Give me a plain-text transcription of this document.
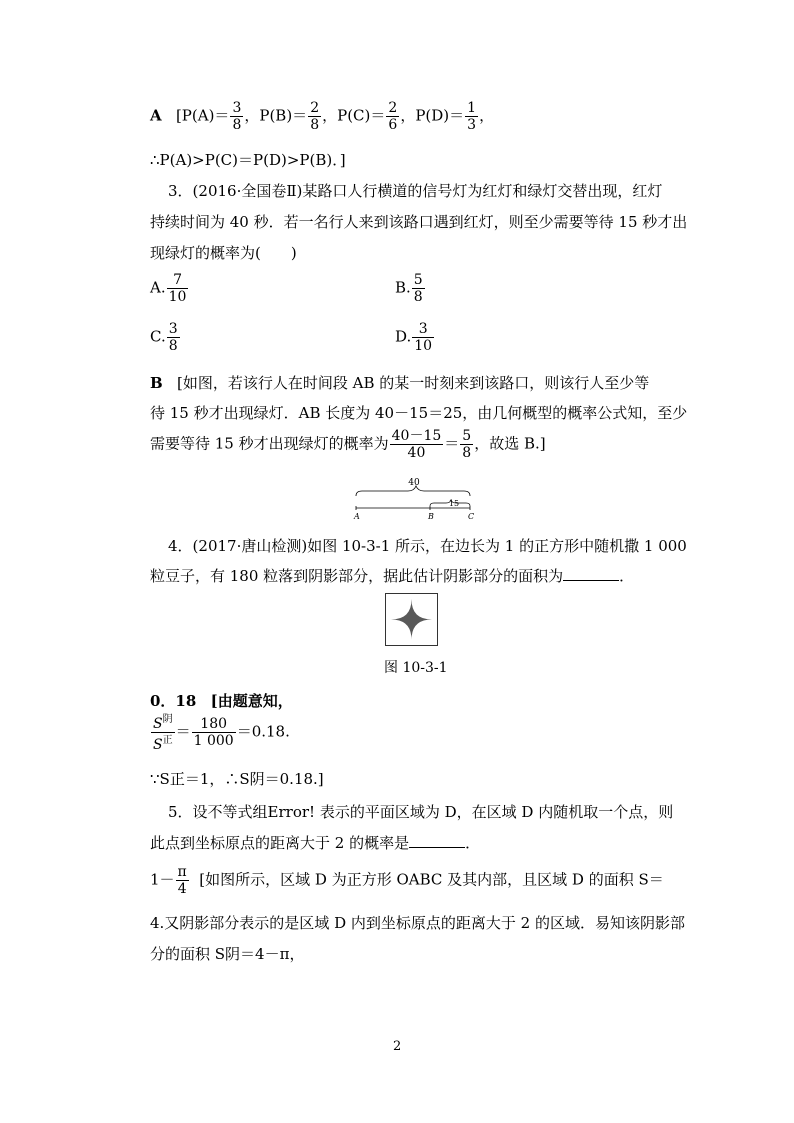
A   [$P(A)= \frac{3}{8}$ ，$P(B)= \frac{2}{8}$ ，$P(C)= \frac{2}{6}$ ，$P(D)= \frac{1}{3}$ ，
∴P(A)>P(C)＝P(D)>P(B)．]
3．(2016·全国卷Ⅱ)某路口人行横道的信号灯为红灯和绿灯交替出现，红灯
持续时间为 40 秒．若一名行人来到该路口遇到红灯，则至少需要等待 15 秒才出
现绿灯的概率为(　　)
A. $\frac{7}{10}$	B. $\frac{5}{8}$
C. $\frac{3}{8}$	D. $\frac{3}{10}$
B [如图，若该行人在时间段 AB 的某一时刻来到该路口，则该行人至少等
待 15 秒才出现绿灯．AB 长度为 40－15＝25，由几何概型的概率公式知，至少
需要等待 15 秒才出现绿灯的概率为 $\frac{40-15}{40} = \frac{5}{8}$ ，故选 B.]
40
15
A	B	C
4．(2017·唐山检测)如图 10-3-1 所示，在边长为 1 的正方形中随机撒 1 000
粒豆子，有 180 粒落到阴影部分，据此估计阴影部分的面积为	．
图 10-3-1
0．18 [由题意知，
$\frac{S^阴}{S^正} = \frac{180}{1 000} =0.18$.
∵S正＝1，∴S阴＝0.18.]
5．设不等式组Error! 表示的平面区域为 D，在区域 D 内随机取一个点，则
此点到坐标原点的距离大于 2 的概率是	．
$1- \frac{\pi}{4}$ [如图所示，区域 D 为正方形 OABC 及其内部，且区域 D 的面积 S＝
4.又阴影部分表示的是区域 D 内到坐标原点的距离大于 2 的区域．易知该阴影部
分的面积 S阴＝4－π，
2
